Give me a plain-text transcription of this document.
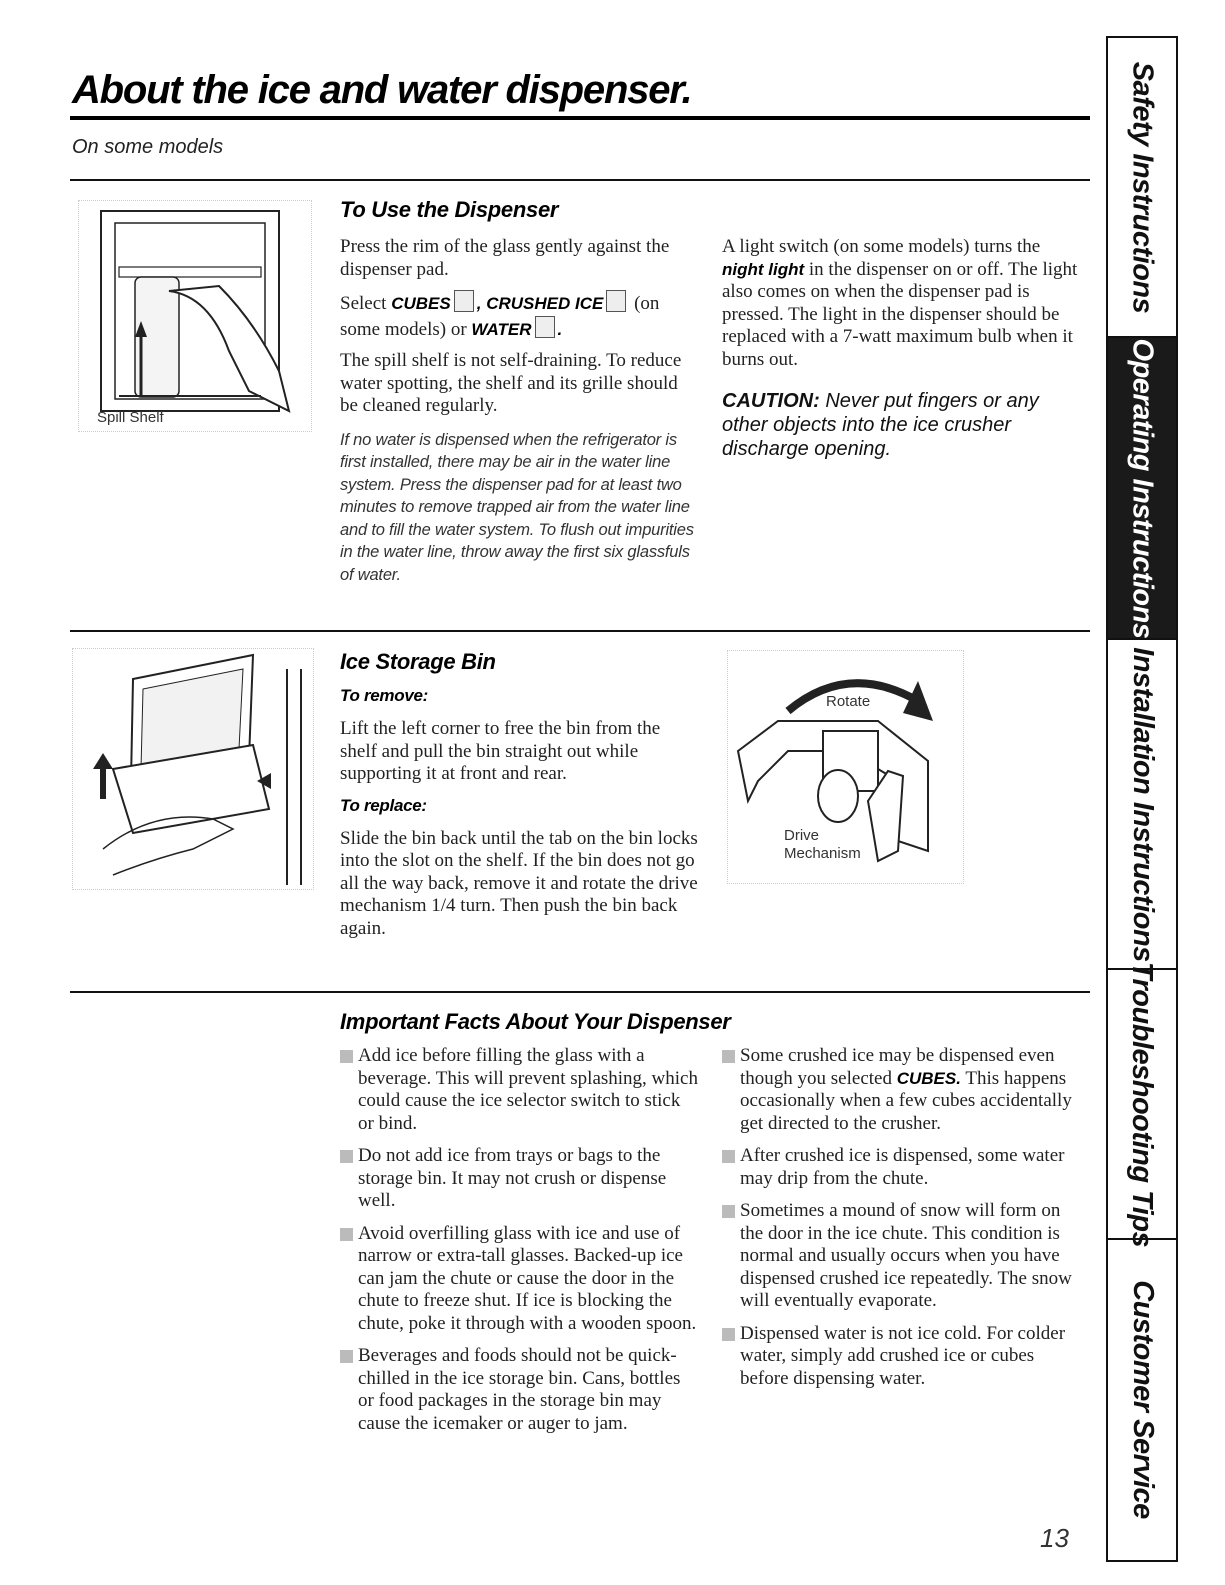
About the ice and water dispenser.
On some models
Spill Shelf
To Use the Dispenser

Press the rim of the glass gently against the dispenser pad.

Select CUBES , CRUSHED ICE (on some models) or WATER .

The spill shelf is not self-draining. To reduce water spotting, the shelf and its grille should be cleaned regularly.

If no water is dispensed when the refrigerator is first installed, there may be air in the water line system. Press the dispenser pad for at least two minutes to remove trapped air from the water line and to fill the water system. To flush out impurities in the water line, throw away the first six glassfuls of water.

A light switch (on some models) turns the night light in the dispenser on or off. The light also comes on when the dispenser pad is pressed. The light in the dispenser should be replaced with a 7-watt maximum bulb when it burns out.

CAUTION: Never put fingers or any other objects into the ice crusher discharge opening.

Ice Storage Bin
To remove:

Lift the left corner to free the bin from the shelf and pull the bin straight out while supporting it at front and rear.

To replace:

Slide the bin back until the tab on the bin locks into the slot on the shelf. If the bin does not go all the way back, remove it and rotate the drive mechanism 1/4 turn. Then push the bin back again.

Rotate
Drive
Mechanism
Important Facts About Your Dispenser
Add ice before filling the glass with a beverage. This will prevent splashing, which could cause the ice selector switch to stick or bind.
Do not add ice from trays or bags to the storage bin. It may not crush or dispense well.
Avoid overfilling glass with ice and use of narrow or extra-tall glasses. Backed-up ice can jam the chute or cause the door in the chute to freeze shut. If ice is blocking the chute, poke it through with a wooden spoon.
Beverages and foods should not be quick-chilled in the ice storage bin. Cans, bottles or food packages in the storage bin may cause the icemaker or auger to jam.
Some crushed ice may be dispensed even though you selected CUBES. This happens occasionally when a few cubes accidentally get directed to the crusher.
After crushed ice is dispensed, some water may drip from the chute.
Sometimes a mound of snow will form on the door in the ice chute. This condition is normal and usually occurs when you have dispensed crushed ice repeatedly. The snow will eventually evaporate.
Dispensed water is not ice cold. For colder water, simply add crushed ice or cubes before dispensing water.
13
Safety Instructions
Operating Instructions
Installation Instructions
Troubleshooting Tips
Customer Service
